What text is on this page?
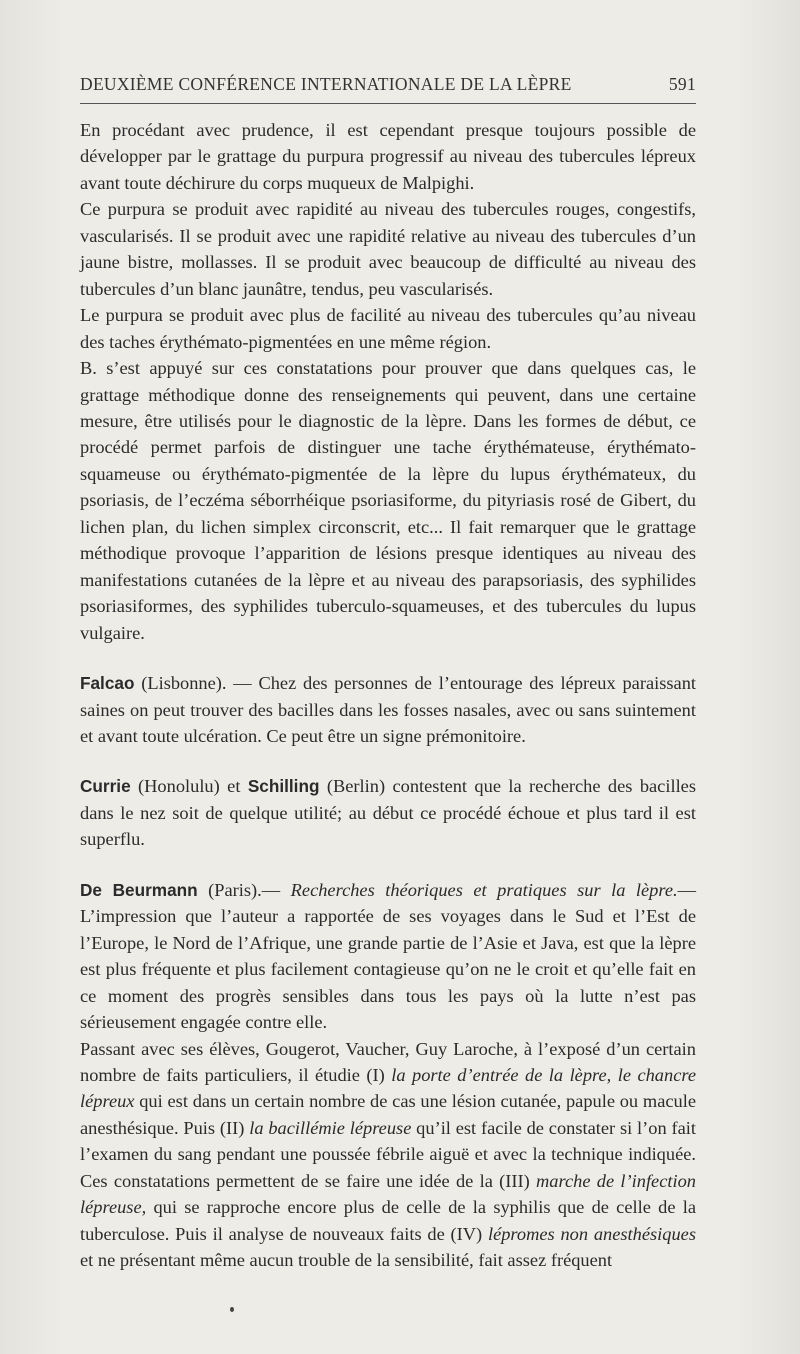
DEUXIÈME CONFÉRENCE INTERNATIONALE DE LA LÈPRE	591

En procédant avec prudence, il est cependant presque toujours possible de développer par le grattage du purpura progressif au niveau des tubercules lépreux avant toute déchirure du corps muqueux de Malpighi.

Ce purpura se produit avec rapidité au niveau des tubercules rouges, congestifs, vascularisés. Il se produit avec une rapidité relative au niveau des tubercules d’un jaune bistre, mollasses. Il se produit avec beaucoup de difficulté au niveau des tubercules d’un blanc jaunâtre, tendus, peu vascularisés.

Le purpura se produit avec plus de facilité au niveau des tubercules qu’au niveau des taches érythémato-pigmentées en une même région.

B. s’est appuyé sur ces constatations pour prouver que dans quelques cas, le grattage méthodique donne des renseignements qui peuvent, dans une certaine mesure, être utilisés pour le diagnostic de la lèpre. Dans les formes de début, ce procédé permet parfois de distinguer une tache érythémateuse, érythémato-squameuse ou érythémato-pigmentée de la lèpre du lupus érythémateux, du psoriasis, de l’eczéma séborrhéique psoriasiforme, du pityriasis rosé de Gibert, du lichen plan, du lichen simplex circonscrit, etc... Il fait remarquer que le grattage méthodique provoque l’apparition de lésions presque identiques au niveau des manifestations cutanées de la lèpre et au niveau des parapsoriasis, des syphilides psoriasiformes, des syphilides tuberculo-squameuses, et des tubercules du lupus vulgaire.

Falcao (Lisbonne). — Chez des personnes de l’entourage des lépreux paraissant saines on peut trouver des bacilles dans les fosses nasales, avec ou sans suintement et avant toute ulcération. Ce peut être un signe prémonitoire.

Currie (Honolulu) et Schilling (Berlin) contestent que la recherche des bacilles dans le nez soit de quelque utilité; au début ce procédé échoue et plus tard il est superflu.

De Beurmann (Paris).— Recherches théoriques et pratiques sur la lèpre.— L’impression que l’auteur a rapportée de ses voyages dans le Sud et l’Est de l’Europe, le Nord de l’Afrique, une grande partie de l’Asie et Java, est que la lèpre est plus fréquente et plus facilement contagieuse qu’on ne le croit et qu’elle fait en ce moment des progrès sensibles dans tous les pays où la lutte n’est pas sérieusement engagée contre elle.

Passant avec ses élèves, Gougerot, Vaucher, Guy Laroche, à l’exposé d’un certain nombre de faits particuliers, il étudie (I) la porte d’entrée de la lèpre, le chancre lépreux qui est dans un certain nombre de cas une lésion cutanée, papule ou macule anesthésique. Puis (II) la bacillémie lépreuse qu’il est facile de constater si l’on fait l’examen du sang pendant une poussée fébrile aiguë et avec la technique indiquée. Ces constatations permettent de se faire une idée de la (III) marche de l’infection lépreuse, qui se rapproche encore plus de celle de la syphilis que de celle de la tuberculose. Puis il analyse de nouveaux faits de (IV) lépromes non anesthésiques et ne présentant même aucun trouble de la sensibilité, fait assez fréquent
